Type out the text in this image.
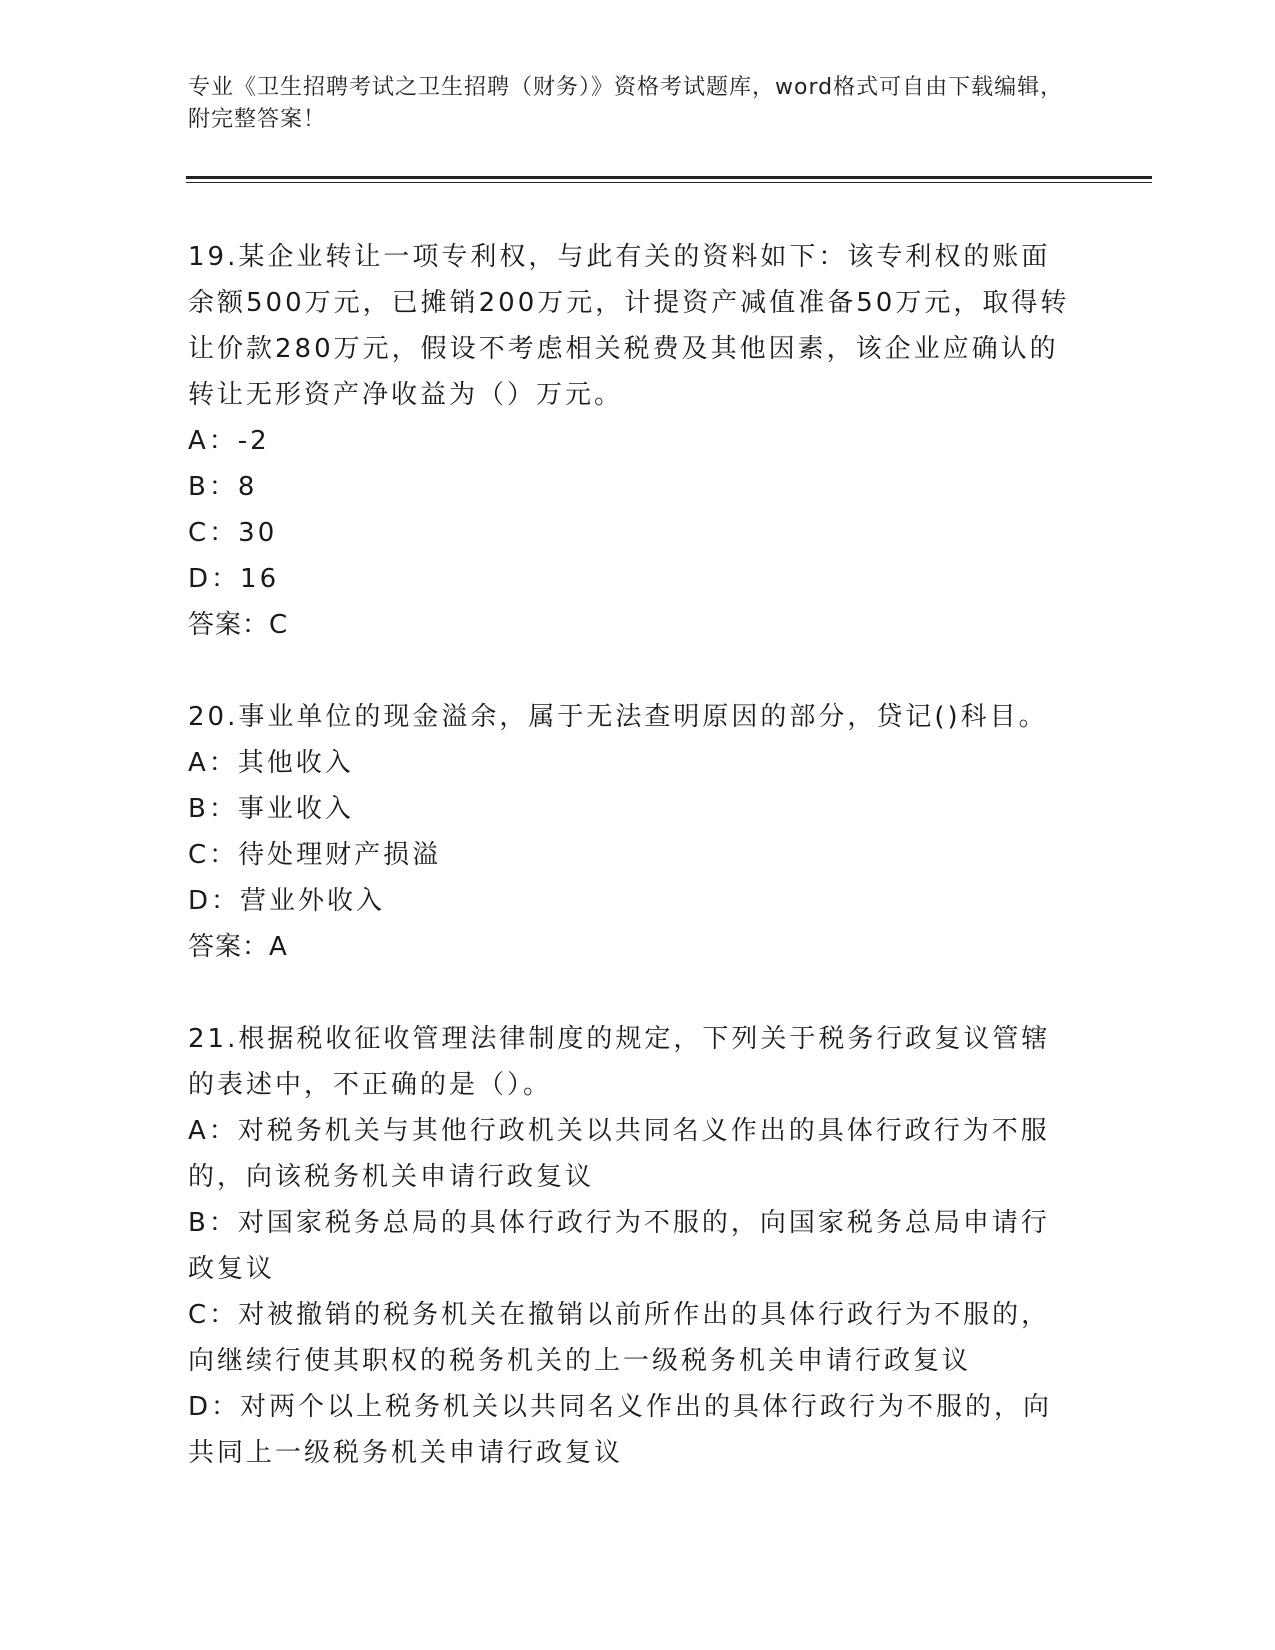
专业《卫生招聘考试之卫生招聘（财务）》资格考试题库，word格式可自由下载编辑，附完整答案！
19.某企业转让一项专利权，与此有关的资料如下：该专利权的账面余额500万元，已摊销200万元，计提资产减值准备50万元，取得转让价款280万元，假设不考虑相关税费及其他因素，该企业应确认的转让无形资产净收益为（）万元。
A：-2
B：8
C：30
D：16
答案：C
20.事业单位的现金溢余，属于无法查明原因的部分，贷记()科目。
A：其他收入
B：事业收入
C：待处理财产损溢
D：营业外收入
答案：A
21.根据税收征收管理法律制度的规定，下列关于税务行政复议管辖的表述中，不正确的是（）。
A：对税务机关与其他行政机关以共同名义作出的具体行政行为不服的，向该税务机关申请行政复议
B：对国家税务总局的具体行政行为不服的，向国家税务总局申请行政复议
C：对被撤销的税务机关在撤销以前所作出的具体行政行为不服的，向继续行使其职权的税务机关的上一级税务机关申请行政复议
D：对两个以上税务机关以共同名义作出的具体行政行为不服的，向共同上一级税务机关申请行政复议
